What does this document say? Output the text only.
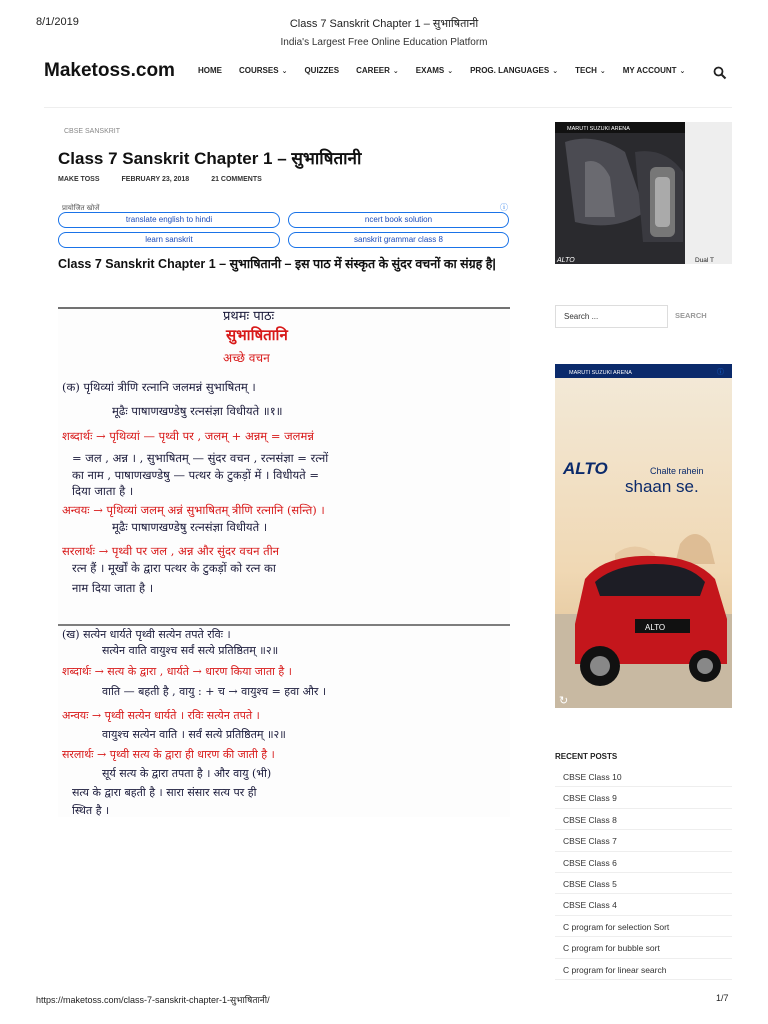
8/1/2019	Class 7 Sanskrit Chapter 1 – सुभाषितानी
India's Largest Free Online Education Platform
Maketoss.com	HOME COURSES ⌄ QUIZZES CAREER ⌄ EXAMS ⌄ PROG. LANGUAGES ⌄ TECH ⌄ MY ACCOUNT ⌄
CBSE SANSKRIT
Class 7 Sanskrit Chapter 1 – सुभाषितानी
MAKE TOSS	FEBRUARY 23, 2018	21 COMMENTS
प्रायोजित खोजें	ⓘ
translate english to hindi	ncert book solution
learn sanskrit	sanskrit grammar class 8

Class 7 Sanskrit Chapter 1 – सुभाषितानी – इस पाठ में संस्कृत के सुंदर वचनों का संग्रह है|

प्रथमः पाठः
सुभाषितानि
अच्छे वचन
(क) पृथिव्यां त्रीणि रत्नानि जलमन्नं सुभाषितम् ।
मूढैः पाषाणखण्डेषु रत्नसंज्ञा विधीयते ॥१॥
शब्दार्थः → पृथिव्यां — पृथ्वी पर , जलम् + अन्नम् = जलमन्नं
= जल , अन्न । , सुभाषितम् — सुंदर वचन , रत्नसंज्ञा = रत्नों
का नाम , पाषाणखण्डेषु — पत्थर के टुकड़ों में । विधीयते =
दिया जाता है ।
अन्वयः → पृथिव्यां जलम् अन्नं सुभाषितम् त्रीणि रत्नानि (सन्ति) ।
मूढैः पाषाणखण्डेषु रत्नसंज्ञा विधीयते ।
सरलार्थः → पृथ्वी पर जल , अन्न और सुंदर वचन तीन
रत्न हैं । मूर्खों के द्वारा पत्थर के टुकड़ों को रत्न का
नाम दिया जाता है ।
(ख) सत्येन धार्यते पृथ्वी सत्येन तपते रविः ।
सत्येन वाति वायुश्च सर्वं सत्ये प्रतिष्ठितम् ॥२॥
शब्दार्थः → सत्य के द्वारा , धार्यते → धारण किया जाता है ।
वाति — बहती है , वायु : + च → वायुश्च = हवा और ।
अन्वयः → पृथ्वी सत्येन धार्यते । रविः सत्येन तपते ।
वायुश्च सत्येन वाति । सर्वं सत्ये प्रतिष्ठितम् ॥२॥
सरलार्थः → पृथ्वी सत्य के द्वारा ही धारण की जाती है ।
सूर्य सत्य के द्वारा तपता है । और वायु (भी)
सत्य के द्वारा बहती है । सारा संसार सत्य पर ही
स्थित है ।
MARUTI SUZUKI ARENA
ALTO	Dual T
Search ...	SEARCH
MARUTI SUZUKI ARENA	ⓘ
ALTO	Chalte rahein
shaan se.
ALTO
↻
RECENT POSTS
CBSE Class 10
CBSE Class 9
CBSE Class 8
CBSE Class 7
CBSE Class 6
CBSE Class 5
CBSE Class 4
C program for selection Sort
C program for bubble sort
C program for linear search
https://maketoss.com/class-7-sanskrit-chapter-1-सुभाषितानी/	1/7
